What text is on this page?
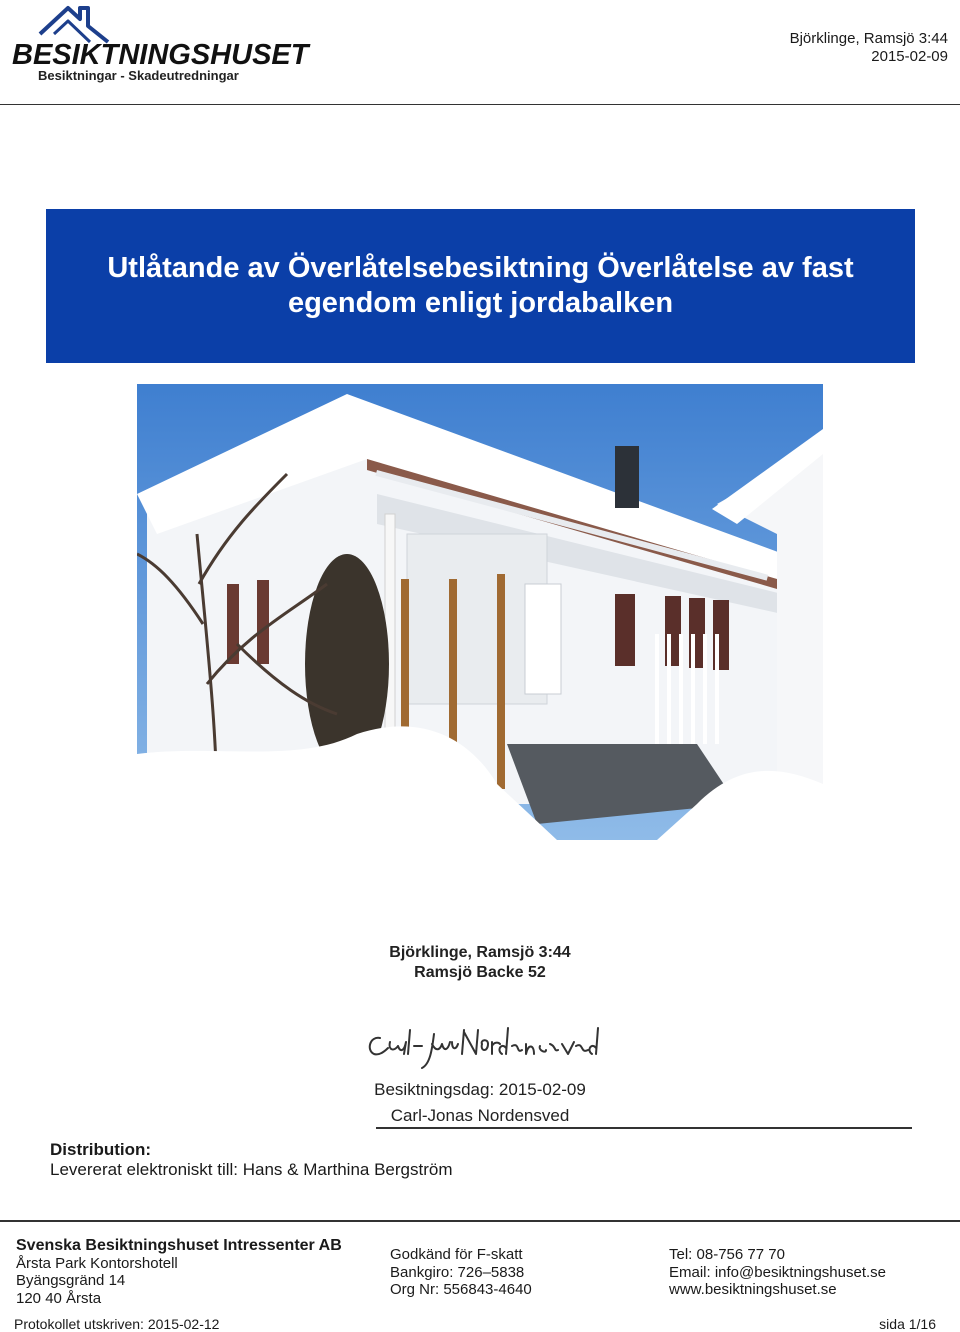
BESIKTNINGSHUSET
Besiktningar - Skadeutredningar
Björklinge, Ramsjö 3:44
2015-02-09
Utlåtande av Överlåtelsebesiktning Överlåtelse av fast egendom enligt jordabalken
Björklinge, Ramsjö 3:44
Ramsjö Backe 52
Besiktningsdag: 2015-02-09
Carl-Jonas Nordensved
Distribution:
Levererat elektroniskt till: Hans & Marthina Bergström
Svenska Besiktningshuset Intressenter AB
Årsta Park Kontorshotell
Byängsgränd 14
120 40 Årsta
Godkänd för F-skatt
Bankgiro: 726–5838
Org Nr: 556843-4640
Tel: 08-756 77 70
Email: info@besiktningshuset.se
www.besiktningshuset.se
Protokollet utskriven: 2015-02-12	sida 1/16
